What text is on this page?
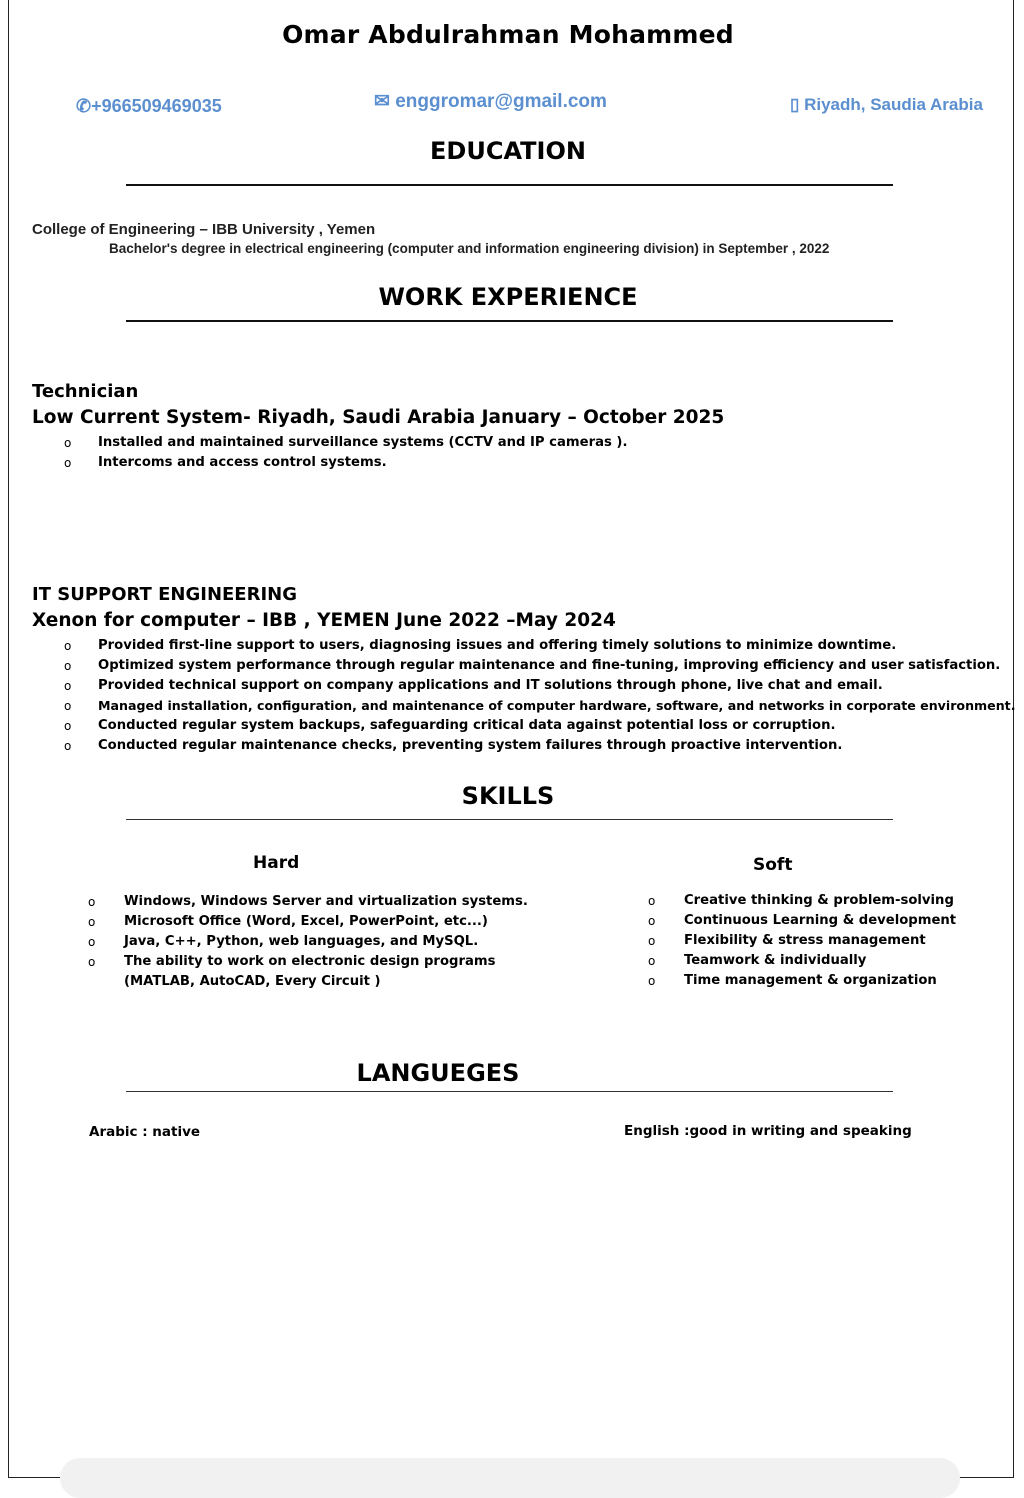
Omar Abdulrahman Mohammed
✆+966509469035	✉ enggromar@gmail.com	▯ Riyadh, Saudia Arabia
EDUCATION
College of Engineering – IBB University , Yemen
Bachelor's degree in electrical engineering (computer and information engineering division) in September , 2022
WORK EXPERIENCE
Technician
Low Current System- Riyadh, Saudi Arabia January – October 2025
o Installed and maintained surveillance systems (CCTV and IP cameras ).
o Intercoms and access control systems.
IT SUPPORT ENGINEERING
Xenon for computer – IBB , YEMEN June 2022 –May 2024
o Provided first-line support to users, diagnosing issues and offering timely solutions to minimize downtime.
o Optimized system performance through regular maintenance and fine-tuning, improving efficiency and user satisfaction.
o Provided technical support on company applications and IT solutions through phone, live chat and email.
o Managed installation, configuration, and maintenance of computer hardware, software, and networks in corporate environment.
o Conducted regular system backups, safeguarding critical data against potential loss or corruption.
o Conducted regular maintenance checks, preventing system failures through proactive intervention.
SKILLS
Hard	Soft
o Windows, Windows Server and virtualization systems.
o Microsoft Office (Word, Excel, PowerPoint, etc...)
o Java, C++, Python, web languages, and MySQL.
o The ability to work on electronic design programs
(MATLAB, AutoCAD, Every Circuit )
o Creative thinking & problem-solving
o Continuous Learning & development
o Flexibility & stress management
o Teamwork & individually
o Time management & organization
LANGUEGES
Arabic : native	English :good in writing and speaking
